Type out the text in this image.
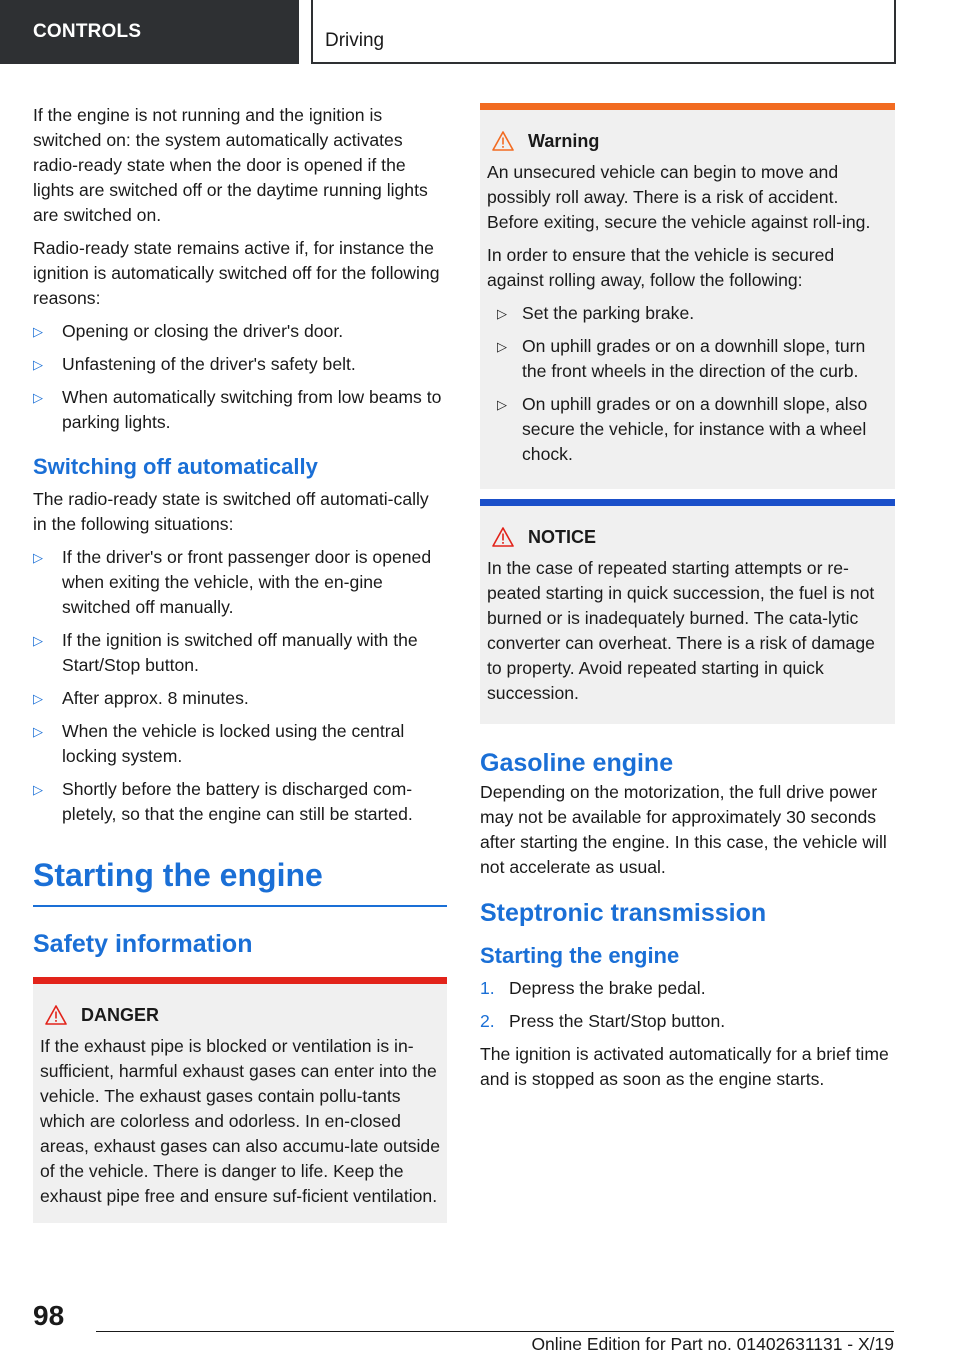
CONTROLS	Driving

If the engine is not running and the ignition is switched on: the system automatically activates radio-ready state when the door is opened if the lights are switched off or the daytime running lights are switched on.

Radio-ready state remains active if, for instance the ignition is automatically switched off for the following reasons:

▷ Opening or closing the driver's door.
▷ Unfastening of the driver's safety belt.
▷ When automatically switching from low beams to parking lights.
Switching off automatically

The radio-ready state is switched off automati-cally in the following situations:

▷ If the driver's or front passenger door is opened when exiting the vehicle, with the en-gine switched off manually.
▷ If the ignition is switched off manually with the Start/Stop button.
▷ After approx. 8 minutes.
▷ When the vehicle is locked using the central locking system.
▷ Shortly before the battery is discharged com-pletely, so that the engine can still be started.
Starting the engine
Safety information
DANGER

If the exhaust pipe is blocked or ventilation is in-sufficient, harmful exhaust gases can enter into the vehicle. The exhaust gases contain pollu-tants which are colorless and odorless. In en-closed areas, exhaust gases can also accumu-late outside of the vehicle. There is danger to life. Keep the exhaust pipe free and ensure suf-ficient ventilation.

Warning

An unsecured vehicle can begin to move and possibly roll away. There is a risk of accident. Before exiting, secure the vehicle against roll-ing.

In order to ensure that the vehicle is secured against rolling away, follow the following:

▷ Set the parking brake.
▷ On uphill grades or on a downhill slope, turn the front wheels in the direction of the curb.
▷ On uphill grades or on a downhill slope, also secure the vehicle, for instance with a wheel chock.
NOTICE

In the case of repeated starting attempts or re-peated starting in quick succession, the fuel is not burned or is inadequately burned. The cata-lytic converter can overheat. There is a risk of damage to property. Avoid repeated starting in quick succession.

Gasoline engine

Depending on the motorization, the full drive power may not be available for approximately 30 seconds after starting the engine. In this case, the vehicle will not accelerate as usual.

Steptronic transmission
Starting the engine
1. Depress the brake pedal.
2. Press the Start/Stop button.

The ignition is activated automatically for a brief time and is stopped as soon as the engine starts.

98
Online Edition for Part no. 01402631131 - X/19
